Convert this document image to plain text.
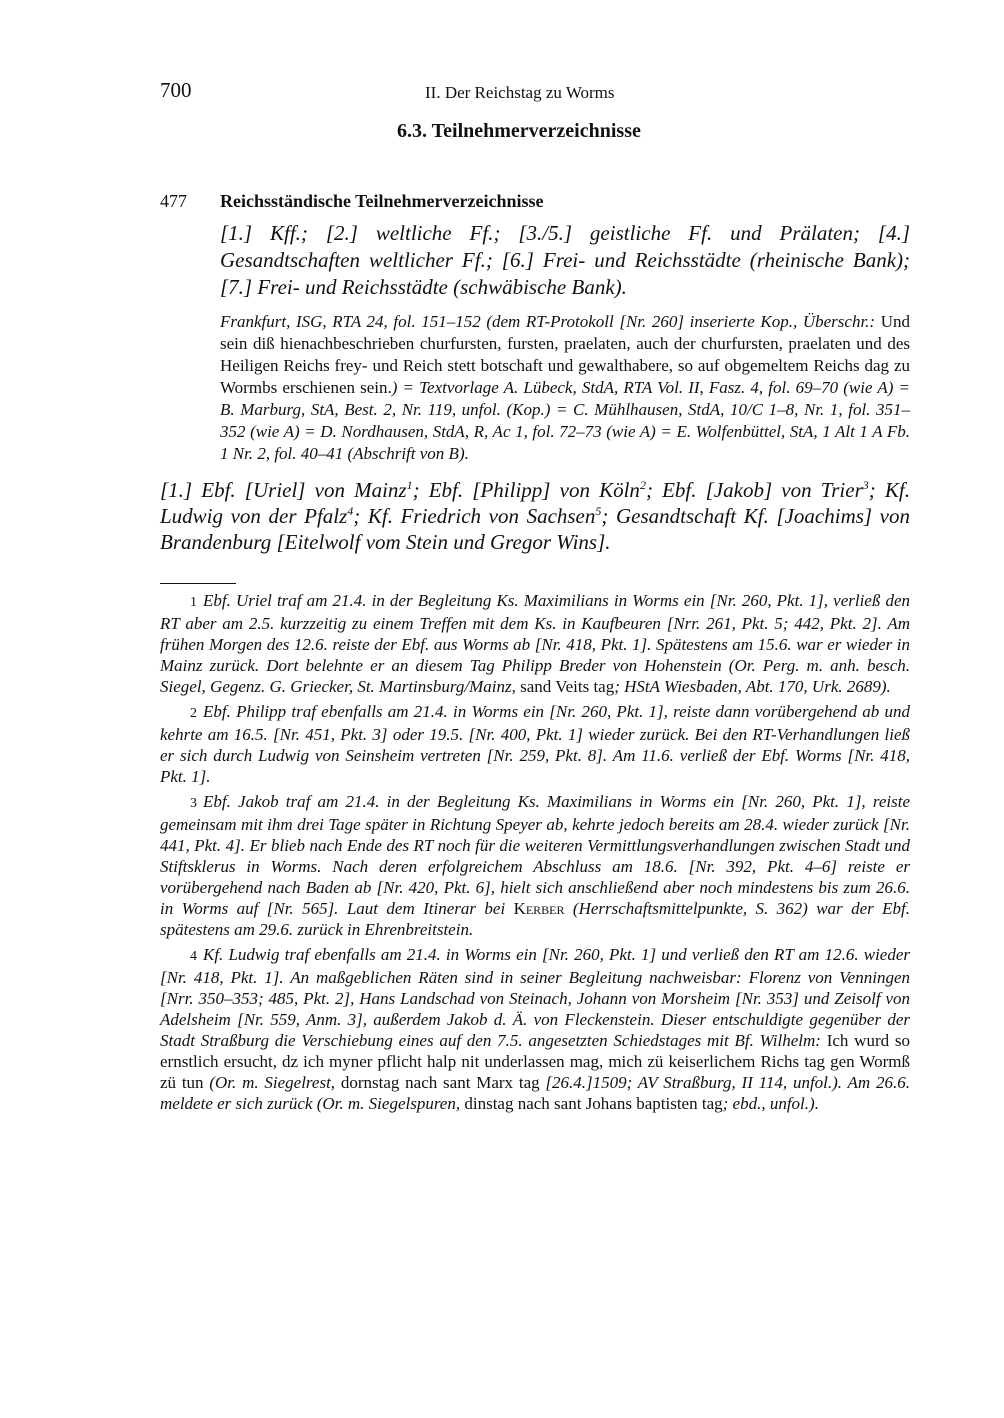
700	II. Der Reichstag zu Worms
6.3. Teilnehmerverzeichnisse
477 Reichsständische Teilnehmerverzeichnisse
[1.] Kff.; [2.] weltliche Ff.; [3./5.] geistliche Ff. und Prälaten; [4.] Gesandtschaften weltlicher Ff.; [6.] Frei- und Reichsstädte (rheinische Bank); [7.] Frei- und Reichsstädte (schwäbische Bank).
Frankfurt, ISG, RTA 24, fol. 151–152 (dem RT-Protokoll [Nr. 260] inserierte Kop., Überschr.: Und sein diß hienachbeschrieben churfursten, fursten, praelaten, auch der churfursten, praelaten und des Heiligen Reichs frey- und Reich stett botschaft und gewalthabere, so auf obgemeltem Reichs dag zu Wormbs erschienen sein.) = Textvorlage A. Lübeck, StdA, RTA Vol. II, Fasz. 4, fol. 69–70 (wie A) = B. Marburg, StA, Best. 2, Nr. 119, unfol. (Kop.) = C. Mühlhausen, StdA, 10/C 1–8, Nr. 1, fol. 351–352 (wie A) = D. Nordhausen, StdA, R, Ac 1, fol. 72–73 (wie A) = E. Wolfenbüttel, StA, 1 Alt 1 A Fb. 1 Nr. 2, fol. 40–41 (Abschrift von B).
[1.] Ebf. [Uriel] von Mainz$^1$; Ebf. [Philipp] von Köln$^2$; Ebf. [Jakob] von Trier$^3$; Kf. Ludwig von der Pfalz$^4$; Kf. Friedrich von Sachsen$^5$; Gesandtschaft Kf. [Joachims] von Brandenburg [Eitelwolf vom Stein und Gregor Wins].
1 Ebf. Uriel traf am 21.4. in der Begleitung Ks. Maximilians in Worms ein [Nr. 260, Pkt. 1], verließ den RT aber am 2.5. kurzzeitig zu einem Treffen mit dem Ks. in Kaufbeuren [Nrr. 261, Pkt. 5; 442, Pkt. 2]. Am frühen Morgen des 12.6. reiste der Ebf. aus Worms ab [Nr. 418, Pkt. 1]. Spätestens am 15.6. war er wieder in Mainz zurück. Dort belehnte er an diesem Tag Philipp Breder von Hohenstein (Or. Perg. m. anh. besch. Siegel, Gegenz. G. Griecker, St. Martinsburg/Mainz, sand Veits tag; HStA Wiesbaden, Abt. 170, Urk. 2689).
2 Ebf. Philipp traf ebenfalls am 21.4. in Worms ein [Nr. 260, Pkt. 1], reiste dann vorübergehend ab und kehrte am 16.5. [Nr. 451, Pkt. 3] oder 19.5. [Nr. 400, Pkt. 1] wieder zurück. Bei den RT-Verhandlungen ließ er sich durch Ludwig von Seinsheim vertreten [Nr. 259, Pkt. 8]. Am 11.6. verließ der Ebf. Worms [Nr. 418, Pkt. 1].
3 Ebf. Jakob traf am 21.4. in der Begleitung Ks. Maximilians in Worms ein [Nr. 260, Pkt. 1], reiste gemeinsam mit ihm drei Tage später in Richtung Speyer ab, kehrte jedoch bereits am 28.4. wieder zurück [Nr. 441, Pkt. 4]. Er blieb nach Ende des RT noch für die weiteren Vermittlungsverhandlungen zwischen Stadt und Stiftsklerus in Worms. Nach deren erfolgreichem Abschluss am 18.6. [Nr. 392, Pkt. 4–6] reiste er vorübergehend nach Baden ab [Nr. 420, Pkt. 6], hielt sich anschließend aber noch mindestens bis zum 26.6. in Worms auf [Nr. 565]. Laut dem Itinerar bei Kerber (Herrschaftsmittelpunkte, S. 362) war der Ebf. spätestens am 29.6. zurück in Ehrenbreitstein.
4 Kf. Ludwig traf ebenfalls am 21.4. in Worms ein [Nr. 260, Pkt. 1] und verließ den RT am 12.6. wieder [Nr. 418, Pkt. 1]. An maßgeblichen Räten sind in seiner Begleitung nachweisbar: Florenz von Venningen [Nrr. 350–353; 485, Pkt. 2], Hans Landschad von Steinach, Johann von Morsheim [Nr. 353] und Zeisolf von Adelsheim [Nr. 559, Anm. 3], außerdem Jakob d. Ä. von Fleckenstein. Dieser entschuldigte gegenüber der Stadt Straßburg die Verschiebung eines auf den 7.5. angesetzten Schiedstages mit Bf. Wilhelm: Ich wurd so ernstlich ersucht, dz ich myner pflicht halp nit underlassen mag, mich zü keiserlichem Richs tag gen Wormß zü tun (Or. m. Siegelrest, dornstag nach sant Marx tag [26.4.]1509; AV Straßburg, II 114, unfol.). Am 26.6. meldete er sich zurück (Or. m. Siegelspuren, dinstag nach sant Johans baptisten tag; ebd., unfol.).
